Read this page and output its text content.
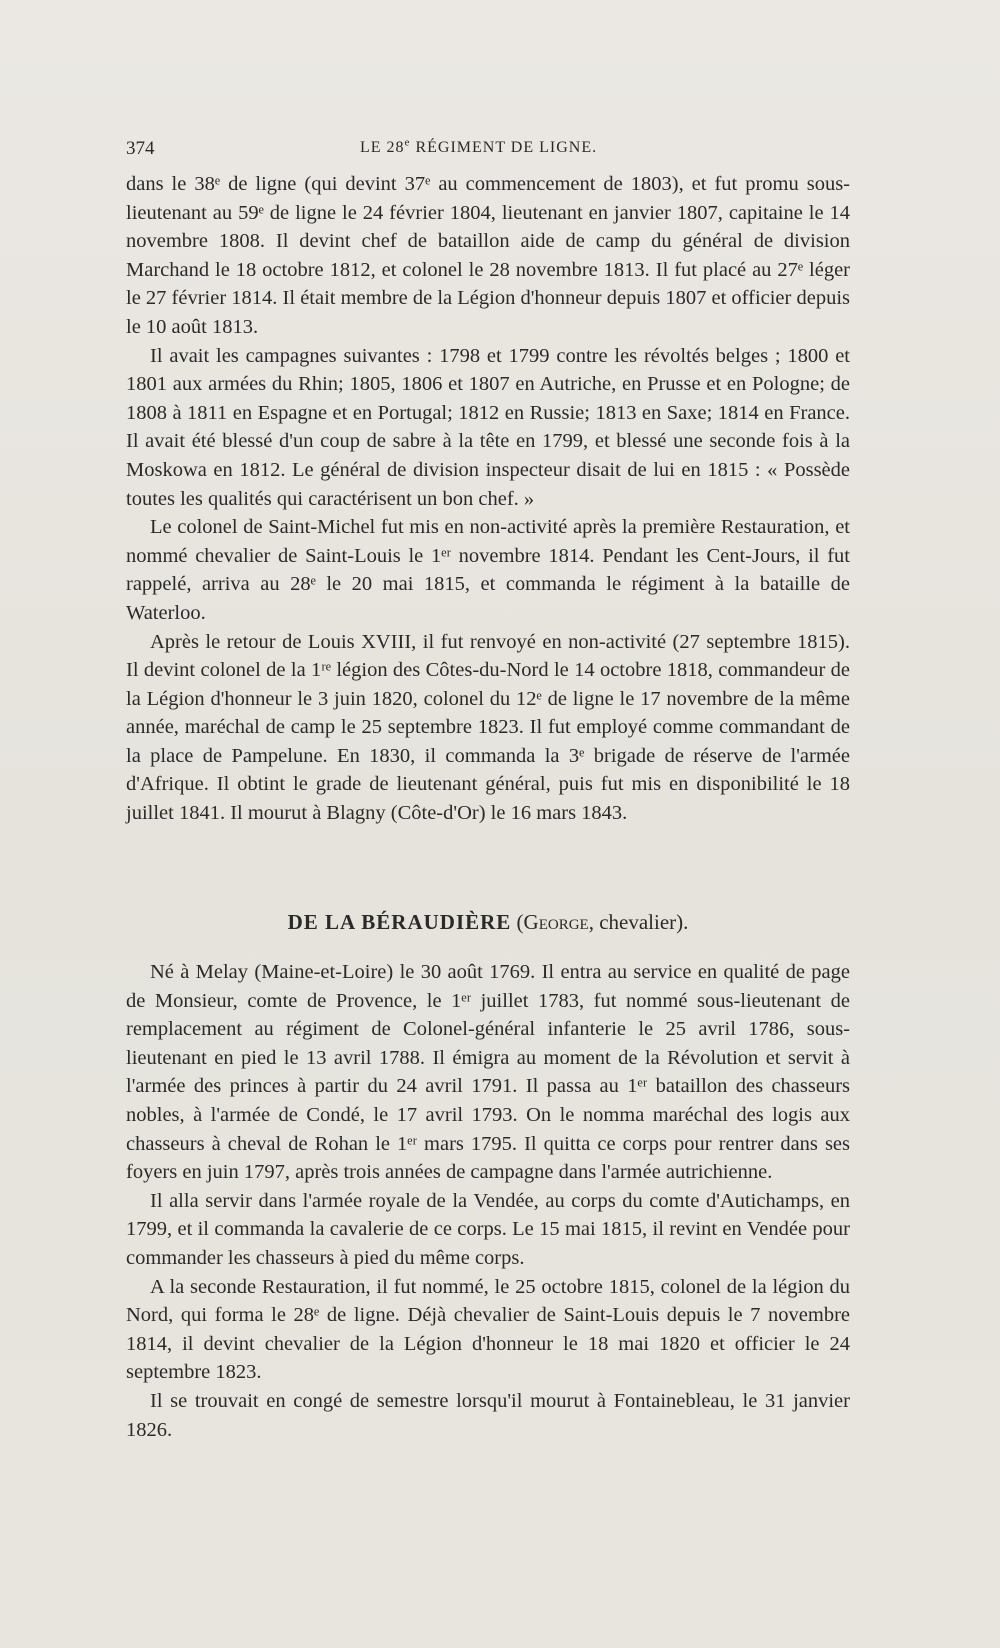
374	LE 28e RÉGIMENT DE LIGNE.

dans le 38ᵉ de ligne (qui devint 37ᵉ au commencement de 1803), et fut promu sous-lieutenant au 59ᵉ de ligne le 24 février 1804, lieutenant en janvier 1807, capitaine le 14 novembre 1808. Il devint chef de bataillon aide de camp du général de division Marchand le 18 octobre 1812, et colonel le 28 novembre 1813. Il fut placé au 27ᵉ léger le 27 février 1814. Il était membre de la Légion d'honneur depuis 1807 et officier depuis le 10 août 1813.

Il avait les campagnes suivantes : 1798 et 1799 contre les révoltés belges ; 1800 et 1801 aux armées du Rhin; 1805, 1806 et 1807 en Autriche, en Prusse et en Pologne; de 1808 à 1811 en Espagne et en Portugal; 1812 en Russie; 1813 en Saxe; 1814 en France. Il avait été blessé d'un coup de sabre à la tête en 1799, et blessé une seconde fois à la Moskowa en 1812. Le général de division inspecteur disait de lui en 1815 : « Possède toutes les qualités qui caractérisent un bon chef. »

Le colonel de Saint-Michel fut mis en non-activité après la première Restauration, et nommé chevalier de Saint-Louis le 1ᵉʳ novembre 1814. Pendant les Cent-Jours, il fut rappelé, arriva au 28ᵉ le 20 mai 1815, et commanda le régiment à la bataille de Waterloo.

Après le retour de Louis XVIII, il fut renvoyé en non-activité (27 septembre 1815). Il devint colonel de la 1ʳᵉ légion des Côtes-du-Nord le 14 octobre 1818, commandeur de la Légion d'honneur le 3 juin 1820, colonel du 12ᵉ de ligne le 17 novembre de la même année, maréchal de camp le 25 septembre 1823. Il fut employé comme commandant de la place de Pampelune. En 1830, il commanda la 3ᵉ brigade de réserve de l'armée d'Afrique. Il obtint le grade de lieutenant général, puis fut mis en disponibilité le 18 juillet 1841. Il mourut à Blagny (Côte-d'Or) le 16 mars 1843.

DE LA BÉRAUDIÈRE (George, chevalier).

Né à Melay (Maine-et-Loire) le 30 août 1769. Il entra au service en qualité de page de Monsieur, comte de Provence, le 1ᵉʳ juillet 1783, fut nommé sous-lieutenant de remplacement au régiment de Colonel-général infanterie le 25 avril 1786, sous-lieutenant en pied le 13 avril 1788. Il émigra au moment de la Révolution et servit à l'armée des princes à partir du 24 avril 1791. Il passa au 1ᵉʳ bataillon des chasseurs nobles, à l'armée de Condé, le 17 avril 1793. On le nomma maréchal des logis aux chasseurs à cheval de Rohan le 1ᵉʳ mars 1795. Il quitta ce corps pour rentrer dans ses foyers en juin 1797, après trois années de campagne dans l'armée autrichienne.

Il alla servir dans l'armée royale de la Vendée, au corps du comte d'Autichamps, en 1799, et il commanda la cavalerie de ce corps. Le 15 mai 1815, il revint en Vendée pour commander les chasseurs à pied du même corps.

A la seconde Restauration, il fut nommé, le 25 octobre 1815, colonel de la légion du Nord, qui forma le 28ᵉ de ligne. Déjà chevalier de Saint-Louis depuis le 7 novembre 1814, il devint chevalier de la Légion d'honneur le 18 mai 1820 et officier le 24 septembre 1823.

Il se trouvait en congé de semestre lorsqu'il mourut à Fontainebleau, le 31 janvier 1826.
